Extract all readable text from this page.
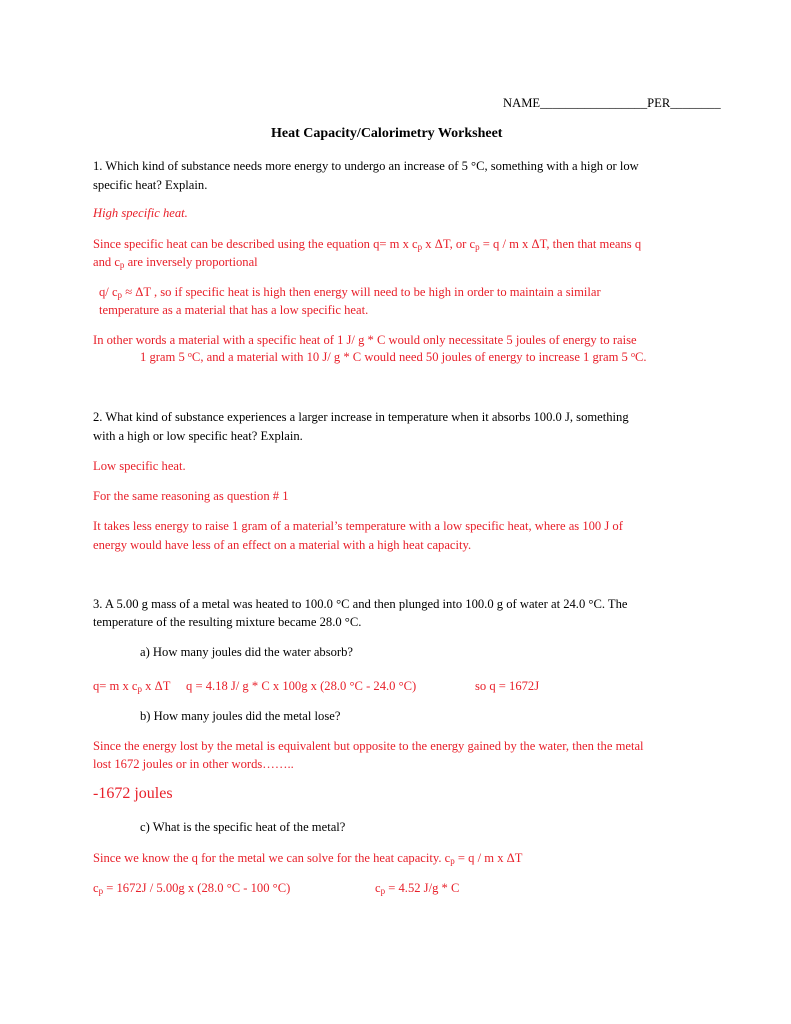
NAME_________________PER________
Heat Capacity/Calorimetry Worksheet
1. Which kind of substance needs more energy to undergo an increase of 5 °C, something with a high or low
specific heat? Explain.
High specific heat.
Since specific heat can be described using the equation q= m x $c_p$ x ΔT, or $c_p = q / m$ x ΔT, then that means q
and $c_p$ are inversely proportional
q/ $c_p \approx \Delta T$ , so if specific heat is high then energy will need to be high in order to maintain a similar
temperature as a material that has a low specific heat.
In other words a material with a specific heat of 1 J/ g * C would only necessitate 5 joules of energy to raise
1 gram 5 $^o$C, and a material with 10 J/ g * C would need 50 joules of energy to increase 1 gram 5 $^o$C.
2. What kind of substance experiences a larger increase in temperature when it absorbs 100.0 J, something
with a high or low specific heat? Explain.
Low specific heat.
For the same reasoning as question # 1
It takes less energy to raise 1 gram of a material’s temperature with a low specific heat, where as 100 J of
energy would have less of an effect on a material with a high heat capacity.
3. A 5.00 g mass of a metal was heated to 100.0 °C and then plunged into 100.0 g of water at 24.0 °C. The
temperature of the resulting mixture became 28.0 °C.
a) How many joules did the water absorb?
q= m x $c_p$ x ΔT q = 4.18 J/ g * C x 100g x (28.0 °C - 24.0 °C)	so q = 1672J
b) How many joules did the metal lose?
Since the energy lost by the metal is equivalent but opposite to the energy gained by the water, then the metal
lost 1672 joules or in other words……..
-1672 joules
c) What is the specific heat of the metal?
Since we know the q for the metal we can solve for the heat capacity. $c_p = q / m$ x ΔT
$c_p = 1672J / 5.00g$ x (28.0 °C - 100 °C)	$c_p = 4.52$ J/g * C
